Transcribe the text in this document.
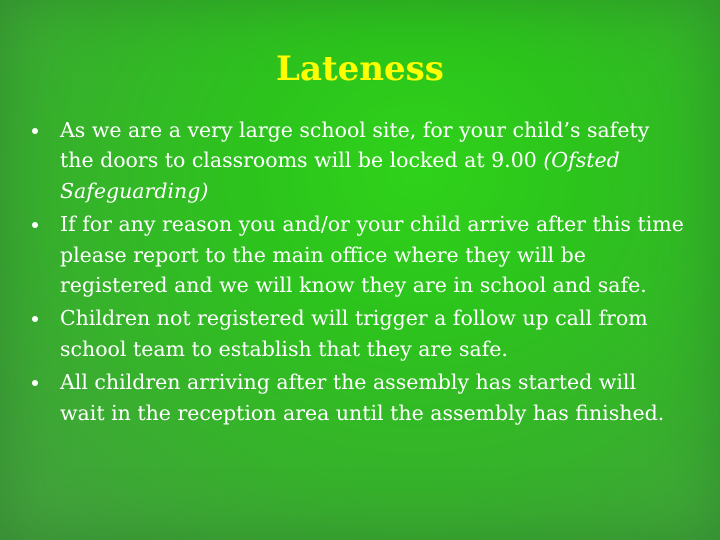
Lateness
As we are a very large school site, for your child’s safety the doors to classrooms will be locked at 9.00 (Ofsted Safeguarding)
If for any reason you and/or your child arrive after this time please report to the main office where they will be registered and we will know they are in school and safe.
Children not registered will trigger a follow up call from school team to establish that they are safe.
All children arriving after the assembly has started will wait in the reception area until the assembly has finished.
